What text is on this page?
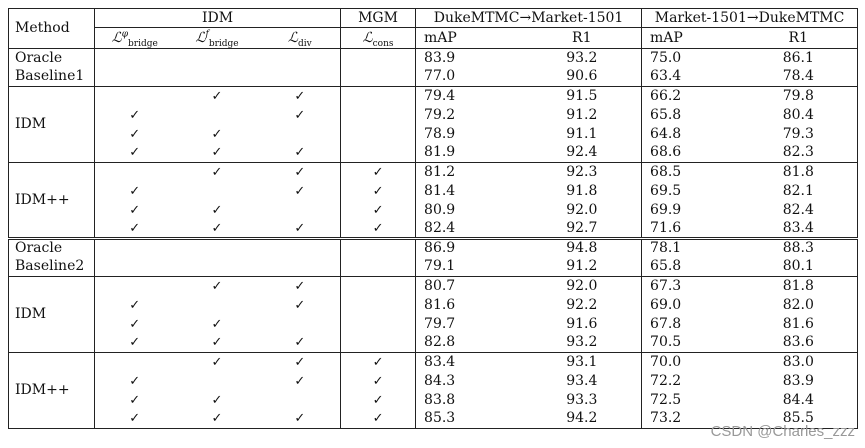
Method	IDM			MGM	DukeMTMC→Market-1501		Market-1501→DukeMTMC	
	ℒ$^\varphi_{bridge}$	ℒ$^f_{bridge}$	ℒ$_{div}$	ℒ$_{cons}$	mAP	R1	mAP	R1
Oracle					83.9	93.2	75.0	86.1
Baseline1					77.0	90.6	63.4	78.4
IDM		✓	✓		79.4	91.5	66.2	79.8
	✓		✓		79.2	91.2	65.8	80.4
	✓	✓			78.9	91.1	64.8	79.3
	✓	✓	✓		81.9	92.4	68.6	82.3
IDM++		✓	✓	✓	81.2	92.3	68.5	81.8
	✓		✓	✓	81.4	91.8	69.5	82.1
	✓	✓		✓	80.9	92.0	69.9	82.4
	✓	✓	✓	✓	82.4	92.7	71.6	83.4
Oracle					86.9	94.8	78.1	88.3
Baseline2					79.1	91.2	65.8	80.1
IDM		✓	✓		80.7	92.0	67.3	81.8
	✓		✓		81.6	92.2	69.0	82.0
	✓	✓			79.7	91.6	67.8	81.6
	✓	✓	✓		82.8	93.2	70.5	83.6
IDM++		✓	✓	✓	83.4	93.1	70.0	83.0
	✓		✓	✓	84.3	93.4	72.2	83.9
	✓	✓		✓	83.8	93.3	72.5	84.4
	✓	✓	✓	✓	85.3	94.2	73.2	85.5
CSDN @Charles_zzz
